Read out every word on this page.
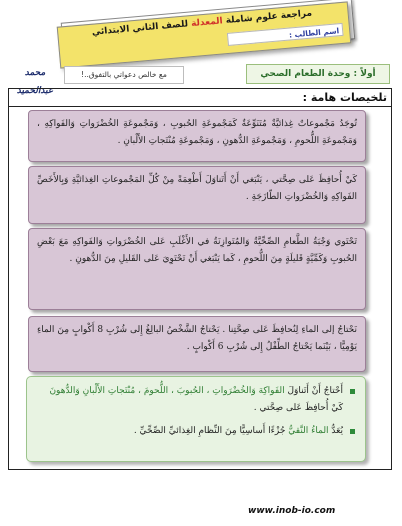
مراجعة علوم شاملة المعدلة للصف الثاني الابتدائي	اسم الطالب :
مع خالص دعواتي بالتفوق..!
محمد عبدالحميد
أولاً : وحدة الطعام الصحي
تلخيصات هامة :
تُوجَدُ مَجْموعاتٌ غِذائيَّةٌ مُتَنَوِّعَةٌ كَمَجْموعَةِ الحُبوبِ ، وَمَجْموعَةِ الخُضْرَواتِ وَالفَواكِهِ ، وَمَجْموعَةِ اللُّحومِ ، وَمَجْموعَةِ الدُّهونِ ، وَمَجْموعَةِ مُنْتَجاتِ الأَلْبانِ .
كَيْ أُحافِظَ عَلى صِحَّتي ، يَنْبَغي أَنْ أَتَناوَلَ أَطْعِمَةً مِنْ كُلِّ المَجْموعاتِ الغِذائيَّةِ وَبِالأَخَصِّ الفَواكِهِ وَالخُضْرَواتِ الطّازَجَةِ .
تَحْتَوي وَجْبَةُ الطَّعامِ الصِّحِّيَّةُ وَالمُتَوازِنَةُ في الأَغْلَبِ عَلى الخُضْرَواتِ وَالفَواكِهِ مَعَ بَعْضِ الحُبوبِ وَكَمِّيَّةٍ قَليلَةٍ مِنَ اللُّحومِ ، كَما يَنْبَغي أَنْ تَحْتَوِيَ عَلى القَليلِ مِنَ الدُّهونِ .
نَحْتاجُ إلى الماءِ لِنُحافِظَ عَلى صِحَّتِنا . يَحْتاجُ الشَّخْصُ البالِغُ إِلى شُرْبِ 8 أَكْوابٍ مِنَ الماءِ يَوْمِيًّا ، بَيْنَما يَحْتاجُ الطِّفْلُ إِلى شُرْبِ 6 أَكْوابٍ .
أَحْتاجُ أَنْ أَتَناوَلَ الفَواكِهَ وَالخُضْرَواتِ ، الحُبوبَ ، اللُّحومَ ، مُنْتَجاتِ الأَلْبانِ وَالدُّهونَ كَيْ أُحافِظَ عَلى صِحَّتي .
يُعَدُّ الماءُ النَّقيُّ جُزْءًا أَساسِيًّا مِنَ النِّظامِ الغِذائيِّ الصِّحِّيِّ .
www.inob-io.com
